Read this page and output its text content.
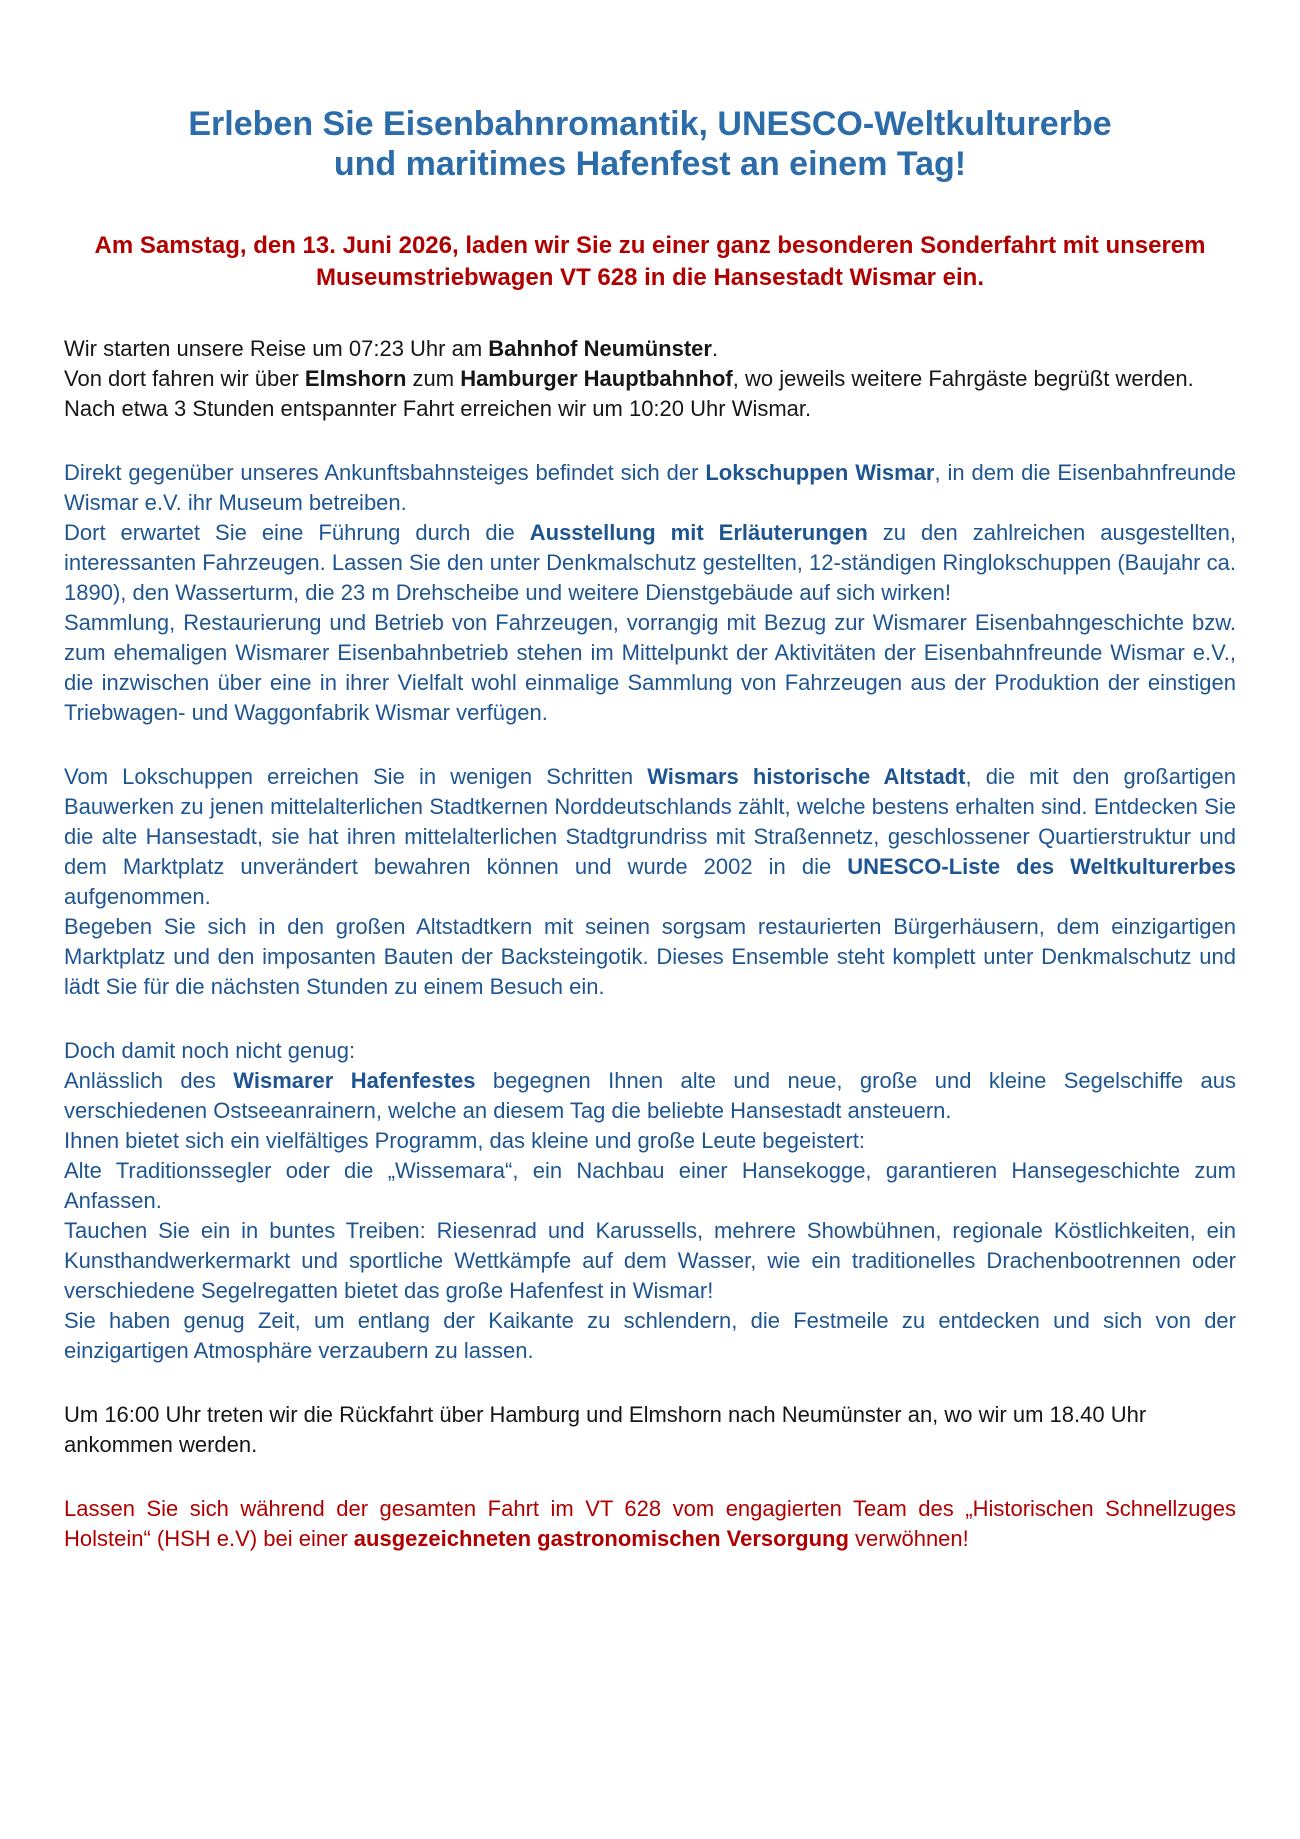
Erleben Sie Eisenbahnromantik, UNESCO-Weltkulturerbe
und maritimes Hafenfest an einem Tag!

Am Samstag, den 13. Juni 2026, laden wir Sie zu einer ganz besonderen Sonderfahrt mit unserem Museumstriebwagen VT 628 in die Hansestadt Wismar ein.

Wir starten unsere Reise um 07:23 Uhr am Bahnhof Neumünster.
Von dort fahren wir über Elmshorn zum Hamburger Hauptbahnhof, wo jeweils weitere Fahrgäste begrüßt werden. Nach etwa 3 Stunden entspannter Fahrt erreichen wir um 10:20 Uhr Wismar.

Direkt gegenüber unseres Ankunftsbahnsteiges befindet sich der Lokschuppen Wismar, in dem die Eisenbahnfreunde Wismar e.V. ihr Museum betreiben.
Dort erwartet Sie eine Führung durch die Ausstellung mit Erläuterungen zu den zahlreichen ausgestellten, interessanten Fahrzeugen. Lassen Sie den unter Denkmalschutz gestellten, 12-ständigen Ringlokschuppen (Baujahr ca. 1890), den Wasserturm, die 23 m Drehscheibe und weitere Dienstgebäude auf sich wirken!
Sammlung, Restaurierung und Betrieb von Fahrzeugen, vorrangig mit Bezug zur Wismarer Eisenbahngeschichte bzw. zum ehemaligen Wismarer Eisenbahnbetrieb stehen im Mittelpunkt der Aktivitäten der Eisenbahnfreunde Wismar e.V., die inzwischen über eine in ihrer Vielfalt wohl einmalige Sammlung von Fahrzeugen aus der Produktion der einstigen Triebwagen- und Waggonfabrik Wismar verfügen.

Vom Lokschuppen erreichen Sie in wenigen Schritten Wismars historische Altstadt, die mit den großartigen Bauwerken zu jenen mittelalterlichen Stadtkernen Norddeutschlands zählt, welche bestens erhalten sind. Entdecken Sie die alte Hansestadt, sie hat ihren mittelalterlichen Stadtgrundriss mit Straßennetz, geschlossener Quartierstruktur und dem Marktplatz unverändert bewahren können und wurde 2002 in die UNESCO-Liste des Weltkulturerbes aufgenommen.
Begeben Sie sich in den großen Altstadtkern mit seinen sorgsam restaurierten Bürgerhäusern, dem einzigartigen Marktplatz und den imposanten Bauten der Backsteingotik. Dieses Ensemble steht komplett unter Denkmalschutz und lädt Sie für die nächsten Stunden zu einem Besuch ein.

Doch damit noch nicht genug:
Anlässlich des Wismarer Hafenfestes begegnen Ihnen alte und neue, große und kleine Segelschiffe aus verschiedenen Ostseeanrainern, welche an diesem Tag die beliebte Hansestadt ansteuern.
Ihnen bietet sich ein vielfältiges Programm, das kleine und große Leute begeistert:
Alte Traditionssegler oder die „Wissemara“, ein Nachbau einer Hansekogge, garantieren Hansegeschichte zum Anfassen.
Tauchen Sie ein in buntes Treiben: Riesenrad und Karussells, mehrere Showbühnen, regionale Köstlichkeiten, ein Kunsthandwerkermarkt und sportliche Wettkämpfe auf dem Wasser, wie ein traditionelles Drachenbootrennen oder verschiedene Segelregatten bietet das große Hafenfest in Wismar!
Sie haben genug Zeit, um entlang der Kaikante zu schlendern, die Festmeile zu entdecken und sich von der einzigartigen Atmosphäre verzaubern zu lassen.

Um 16:00 Uhr treten wir die Rückfahrt über Hamburg und Elmshorn nach Neumünster an, wo wir um 18.40 Uhr ankommen werden.

Lassen Sie sich während der gesamten Fahrt im VT 628 vom engagierten Team des „Historischen Schnellzuges Holstein“ (HSH e.V) bei einer ausgezeichneten gastronomischen Versorgung verwöhnen!
